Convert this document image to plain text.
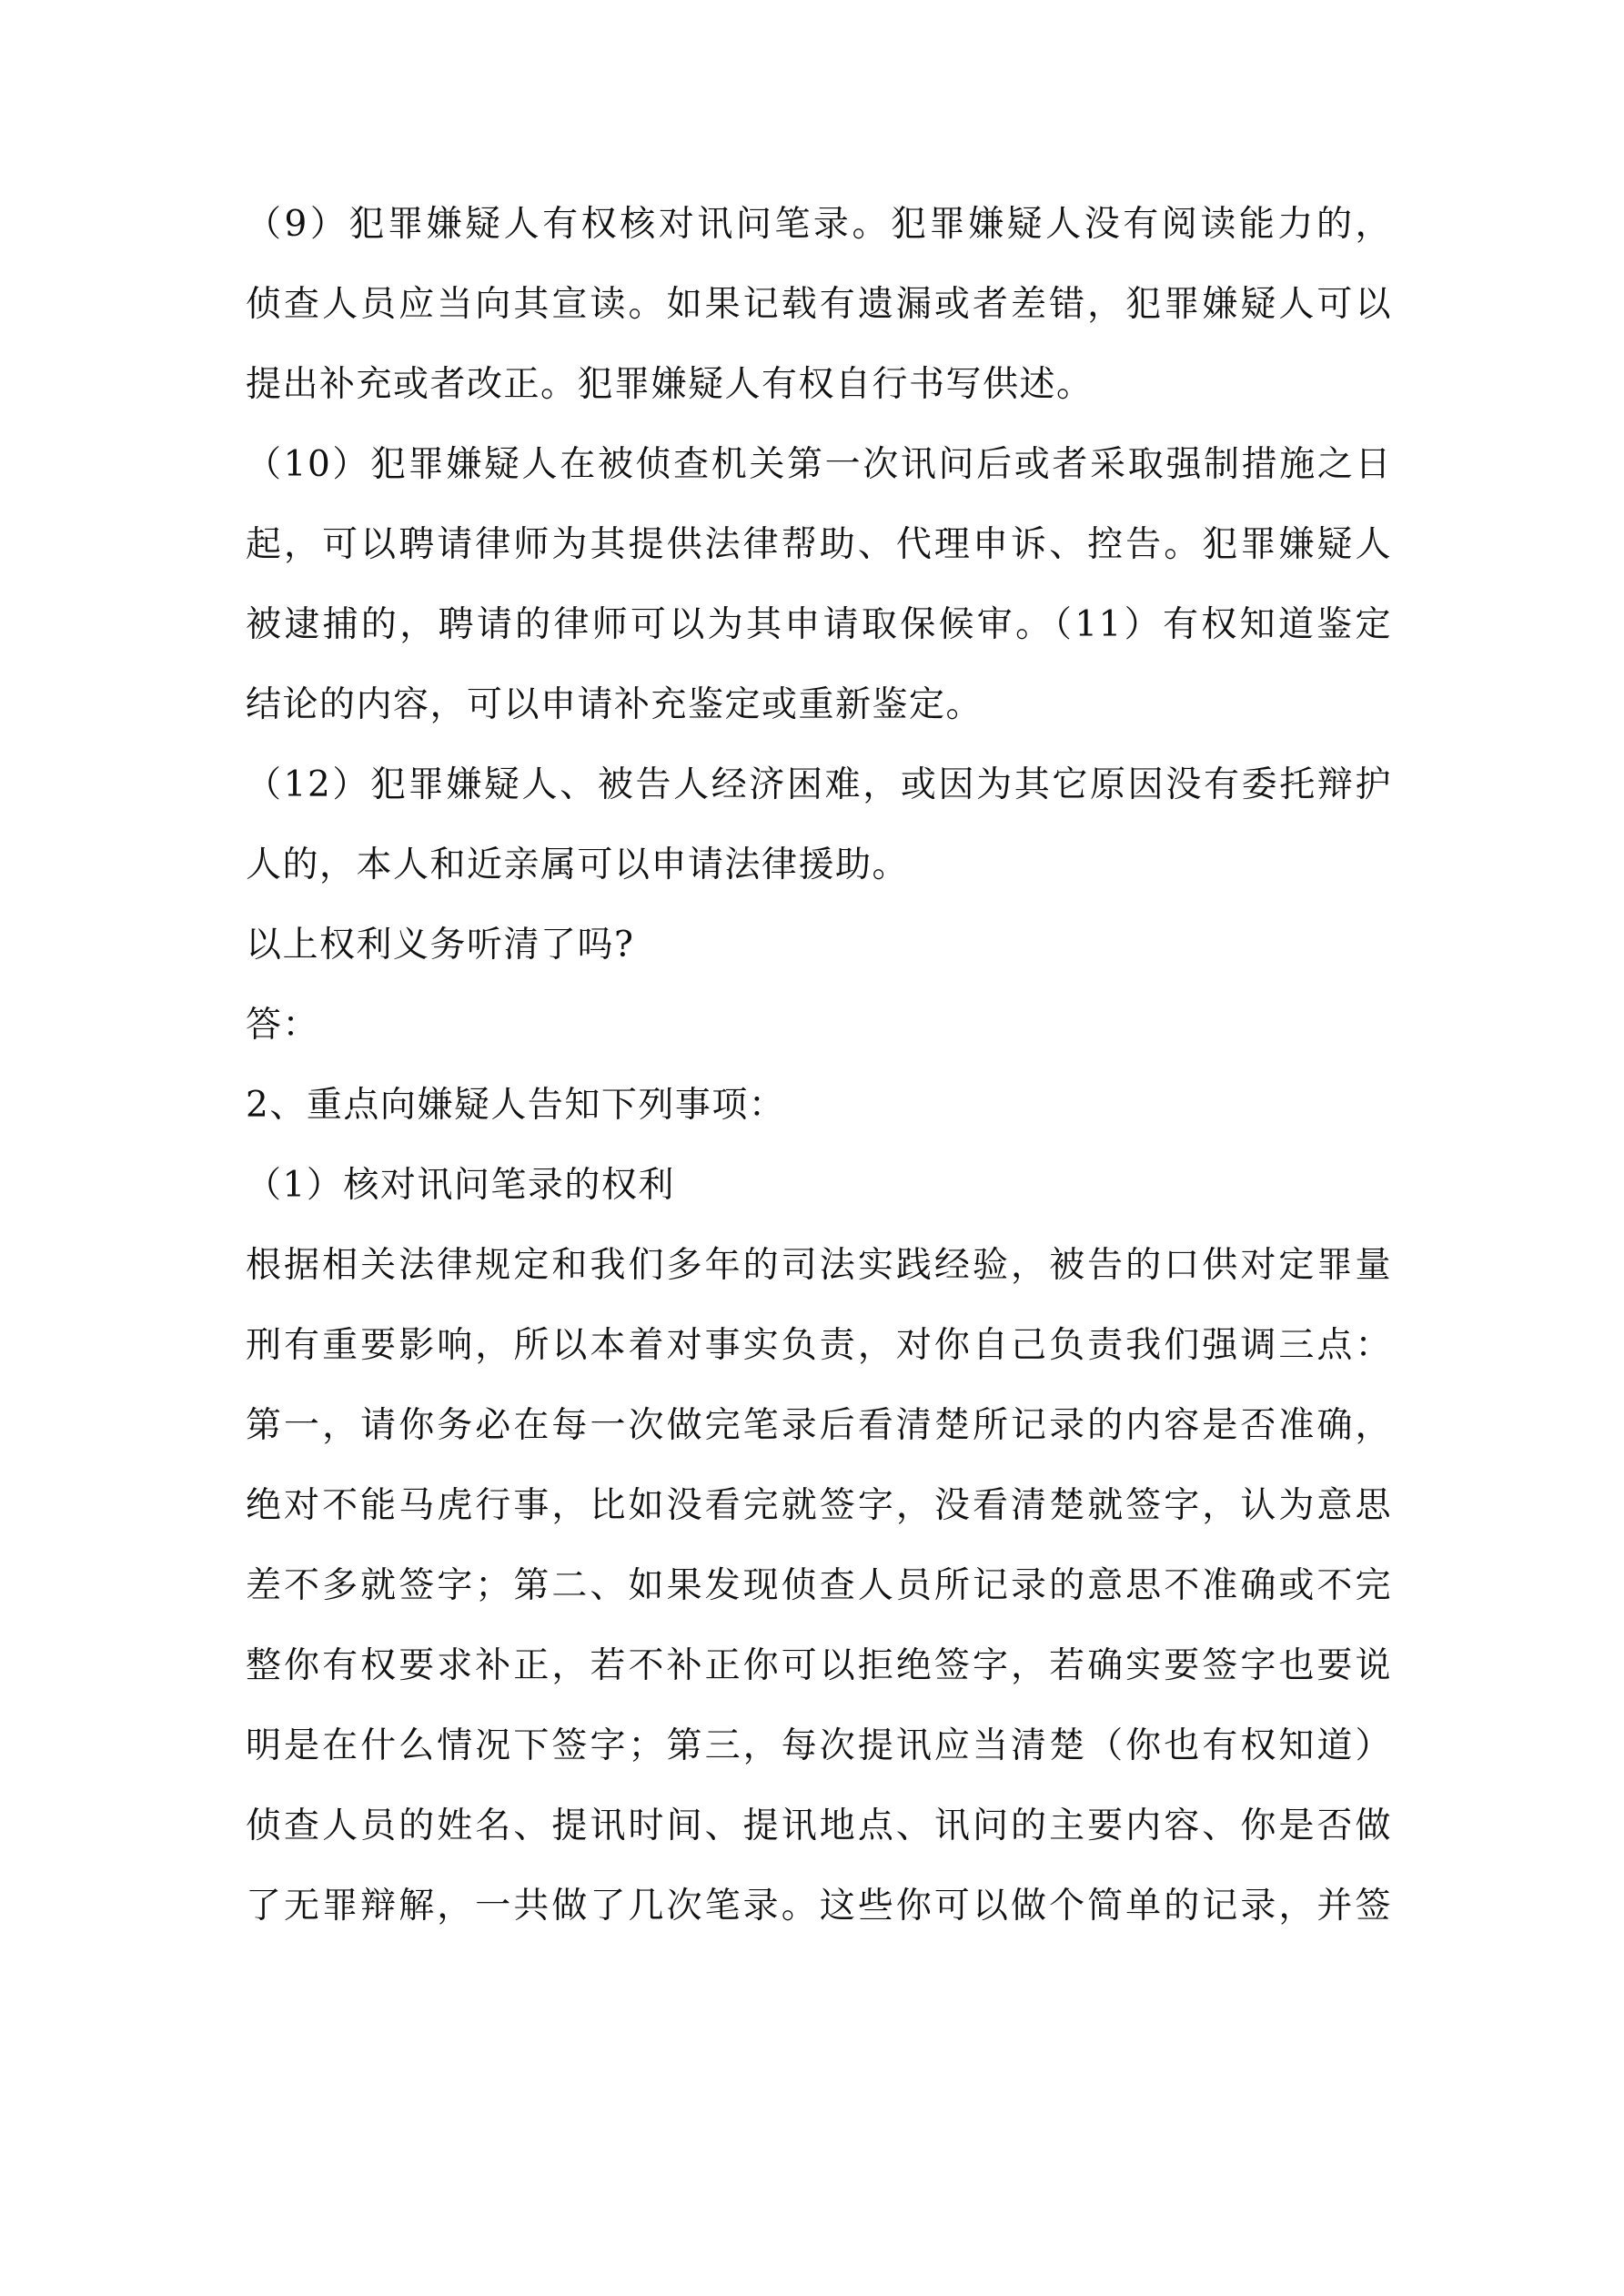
（9）犯罪嫌疑人有权核对讯问笔录。犯罪嫌疑人没有阅读能力的，
侦查人员应当向其宣读。如果记载有遗漏或者差错，犯罪嫌疑人可以
提出补充或者改正。犯罪嫌疑人有权自行书写供述。
（10）犯罪嫌疑人在被侦查机关第一次讯问后或者采取强制措施之日
起，可以聘请律师为其提供法律帮助、代理申诉、控告。犯罪嫌疑人
被逮捕的，聘请的律师可以为其申请取保候审。（11）有权知道鉴定
结论的内容，可以申请补充鉴定或重新鉴定。
（12）犯罪嫌疑人、被告人经济困难，或因为其它原因没有委托辩护
人的，本人和近亲属可以申请法律援助。
以上权利义务听清了吗?
答：
2、重点向嫌疑人告知下列事项：
（1）核对讯问笔录的权利
根据相关法律规定和我们多年的司法实践经验，被告的口供对定罪量
刑有重要影响，所以本着对事实负责，对你自己负责我们强调三点：
第一，请你务必在每一次做完笔录后看清楚所记录的内容是否准确，
绝对不能马虎行事，比如没看完就签字，没看清楚就签字，认为意思
差不多就签字；第二、如果发现侦查人员所记录的意思不准确或不完
整你有权要求补正，若不补正你可以拒绝签字，若确实要签字也要说
明是在什么情况下签字；第三，每次提讯应当清楚（你也有权知道）
侦查人员的姓名、提讯时间、提讯地点、讯问的主要内容、你是否做
了无罪辩解，一共做了几次笔录。这些你可以做个简单的记录，并签
